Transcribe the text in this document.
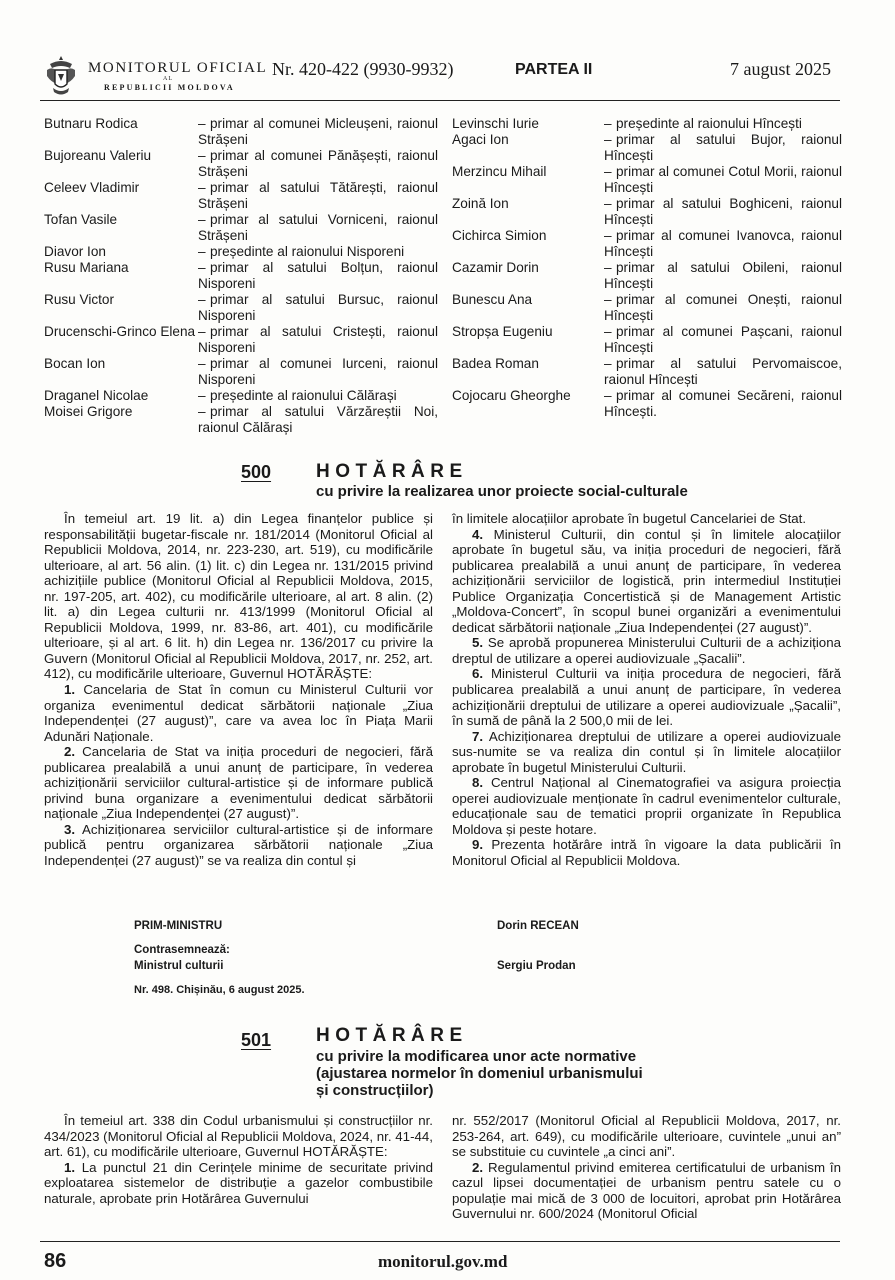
MONITORUL OFICIAL
AL
REPUBLICII MOLDOVA
Nr. 420-422 (9930-9932)	PARTEA II	7 august 2025
Butnaru Rodica	– primar al comunei Micleușeni, raionul Strășeni
Bujoreanu Valeriu	– primar al comunei Pănășești, raionul Strășeni
Celeev Vladimir	– primar al satului Tătărești, raionul Strășeni
Tofan Vasile	– primar al satului Vorniceni, raionul Strășeni
Diavor Ion	– președinte al raionului Nisporeni
Rusu Mariana	– primar al satului Bolțun, raionul Nisporeni
Rusu Victor	– primar al satului Bursuc, raionul Nisporeni
Drucenschi-Grinco Elena – primar al satului Cristești, raionul Nisporeni
Bocan Ion	– primar al comunei Iurceni, raionul Nisporeni
Draganel Nicolae	– președinte al raionului Călărași
Moisei Grigore	– primar al satului Vărzăreștii Noi, raionul Călărași
Levinschi Iurie	– președinte al raionului Hîncești
Agaci Ion	– primar al satului Bujor, raionul Hîncești
Merzincu Mihail	– primar al comunei Cotul Morii, raionul Hîncești
Zoină Ion	– primar al satului Boghiceni, raionul Hîncești
Cichirca Simion	– primar al comunei Ivanovca, raionul Hîncești
Cazamir Dorin	– primar al satului Obileni, raionul Hîncești
Bunescu Ana	– primar al comunei Onești, raionul Hîncești
Stropșa Eugeniu	– primar al comunei Pașcani, raionul Hîncești
Badea Roman	– primar al satului Pervomaiscoe, raionul Hîncești
Cojocaru Gheorghe – primar al comunei Secăreni, raionul Hîncești.
500 HOTĂRÂRE
cu privire la realizarea unor proiecte social-culturale

În temeiul art. 19 lit. a) din Legea finanțelor publice și responsabilității bugetar-fiscale nr. 181/2014 (Monitorul Oficial al Republicii Moldova, 2014, nr. 223-230, art. 519), cu modificările ulterioare, al art. 56 alin. (1) lit. c) din Legea nr. 131/2015 privind achizițiile publice (Monitorul Oficial al Republicii Moldova, 2015, nr. 197-205, art. 402), cu modificările ulterioare, al art. 8 alin. (2) lit. a) din Legea culturii nr. 413/1999 (Monitorul Oficial al Republicii Moldova, 1999, nr. 83-86, art. 401), cu modificările ulterioare, și al art. 6 lit. h) din Legea nr. 136/2017 cu privire la Guvern (Monitorul Oficial al Republicii Moldova, 2017, nr. 252, art. 412), cu modificările ulterioare, Guvernul HOTĂRĂȘTE:

1. Cancelaria de Stat în comun cu Ministerul Culturii vor organiza evenimentul dedicat sărbătorii naționale „Ziua Independenței (27 august)”, care va avea loc în Piața Marii Adunări Naționale.

2. Cancelaria de Stat va iniția proceduri de negocieri, fără publicarea prealabilă a unui anunț de participare, în vederea achiziționării serviciilor cultural-artistice și de informare publică privind buna organizare a evenimentului dedicat sărbătorii naționale „Ziua Independenței (27 august)”.

3. Achiziționarea serviciilor cultural-artistice și de informare publică pentru organizarea sărbătorii naționale „Ziua Independenței (27 august)” se va realiza din contul și

în limitele alocațiilor aprobate în bugetul Cancelariei de Stat.

4. Ministerul Culturii, din contul și în limitele alocațiilor aprobate în bugetul său, va iniția proceduri de negocieri, fără publicarea prealabilă a unui anunț de participare, în vederea achiziționării serviciilor de logistică, prin intermediul Instituției Publice Organizația Concertistică și de Management Artistic „Moldova-Concert”, în scopul bunei organizări a evenimentului dedicat sărbătorii naționale „Ziua Independenței (27 august)”.

5. Se aprobă propunerea Ministerului Culturii de a achiziționa dreptul de utilizare a operei audiovizuale „Șacalii”.

6. Ministerul Culturii va iniția procedura de negocieri, fără publicarea prealabilă a unui anunț de participare, în vederea achiziționării dreptului de utilizare a operei audiovizuale „Șacalii”, în sumă de până la 2 500,0 mii de lei.

7. Achiziționarea dreptului de utilizare a operei audiovizuale sus-numite se va realiza din contul și în limitele alocațiilor aprobate în bugetul Ministerului Culturii.

8. Centrul Național al Cinematografiei va asigura proiecția operei audiovizuale menționate în cadrul evenimentelor culturale, educaționale sau de tematici proprii organizate în Republica Moldova și peste hotare.

9. Prezenta hotărâre intră în vigoare la data publicării în Monitorul Oficial al Republicii Moldova.

PRIM-MINISTRU	Dorin RECEAN
Contrasemnează:
Ministrul culturii	Sergiu Prodan
Nr. 498. Chișinău, 6 august 2025.
501 HOTĂRÂRE
cu privire la modificarea unor acte normative
(ajustarea normelor în domeniul urbanismului
și construcțiilor)

În temeiul art. 338 din Codul urbanismului și construcțiilor nr. 434/2023 (Monitorul Oficial al Republicii Moldova, 2024, nr. 41-44, art. 61), cu modificările ulterioare, Guvernul HOTĂRĂȘTE:

1. La punctul 21 din Cerințele minime de securitate privind exploatarea sistemelor de distribuție a gazelor combustibile naturale, aprobate prin Hotărârea Guvernului

nr. 552/2017 (Monitorul Oficial al Republicii Moldova, 2017, nr. 253-264, art. 649), cu modificările ulterioare, cuvintele „unui an” se substituie cu cuvintele „a cinci ani”.

2. Regulamentul privind emiterea certificatului de urbanism în cazul lipsei documentației de urbanism pentru satele cu o populație mai mică de 3 000 de locuitori, aprobat prin Hotărârea Guvernului nr. 600/2024 (Monitorul Oficial

86	monitorul.gov.md
